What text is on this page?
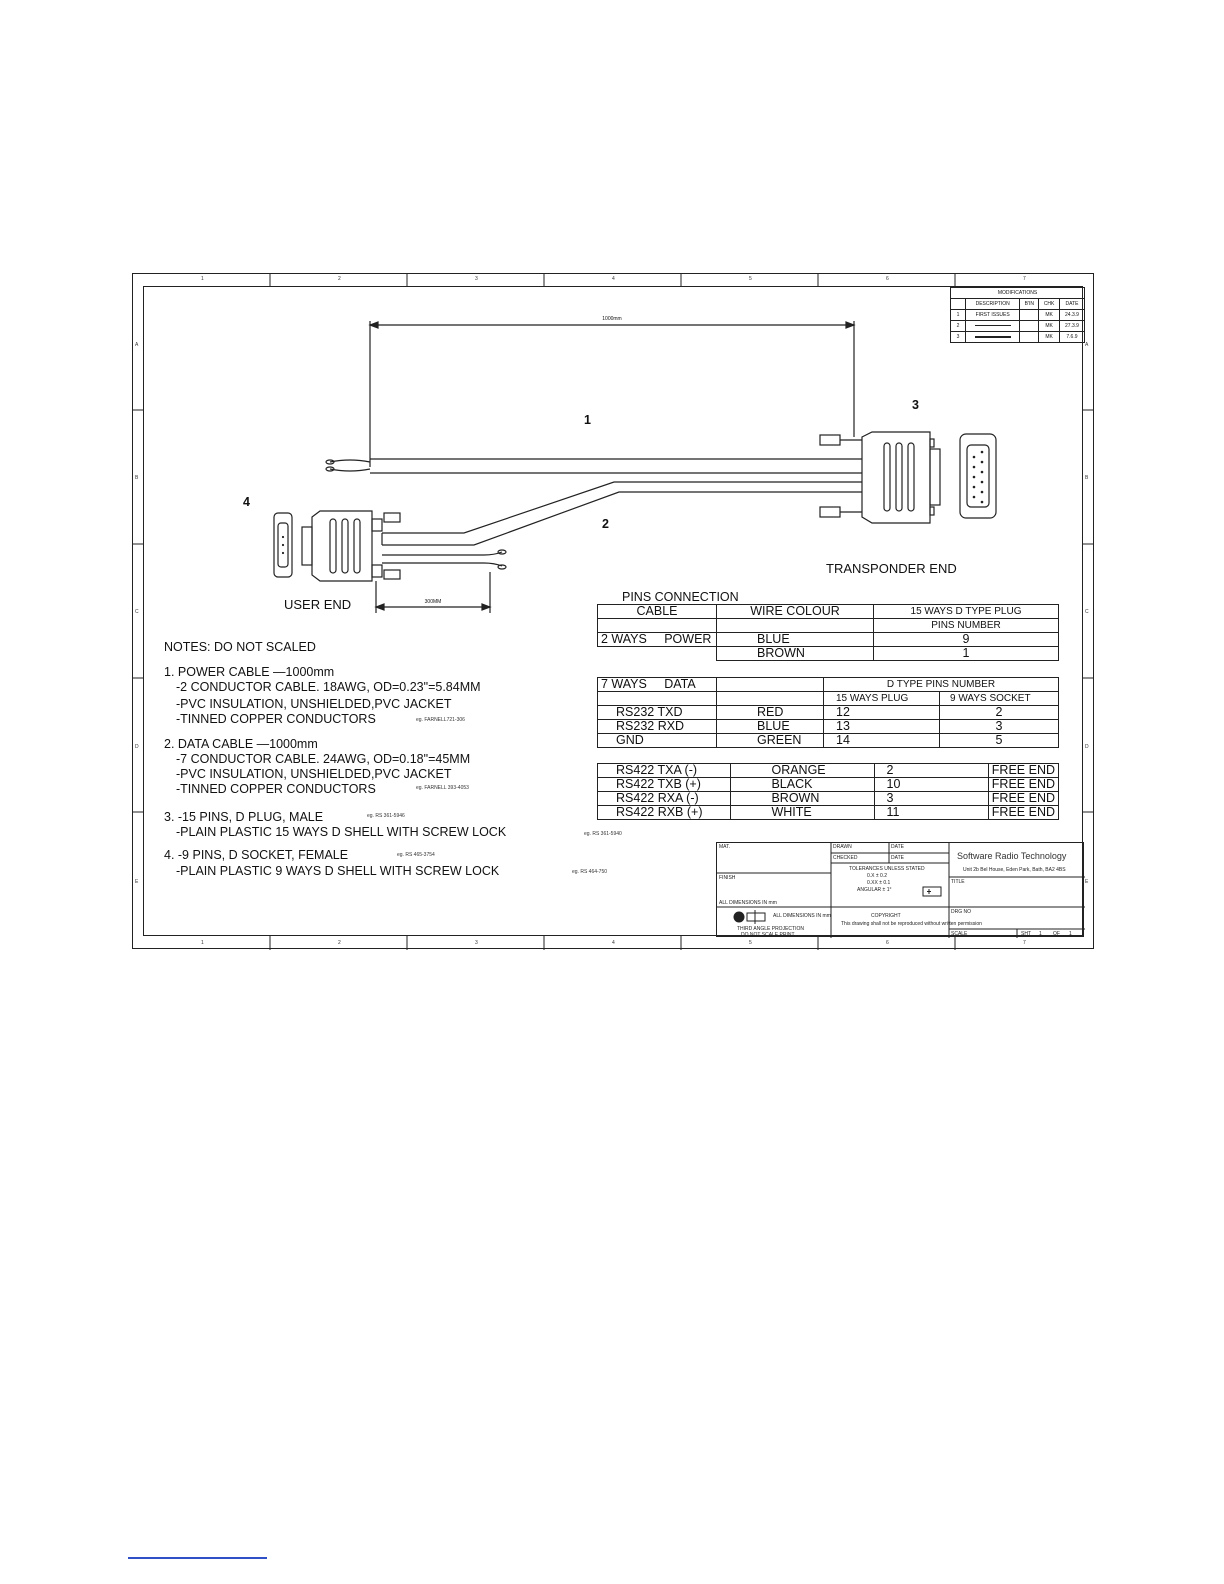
1	2	3	4	5	6	7
1	2	3	4	5	6	7
A
B
C
D
E
A
B
C
D
E
1000mm
300MM
1
2
3
4
TRANSPONDER END
USER END
MODIFICATIONS				
	DESCRIPTION	B'IN	CHK	DATE
1	FIRST ISSUES		MK	24.3.9
2			MK	27.3.9
3			MK	7.6.9
NOTES: DO NOT SCALED
1. POWER CABLE —1000mm
-2 CONDUCTOR CABLE. 18AWG, OD=0.23"=5.84MM
-PVC INSULATION, UNSHIELDED,PVC JACKET
-TINNED COPPER CONDUCTORS	eg. FARNELL721-306
2. DATA CABLE —1000mm
-7 CONDUCTOR CABLE. 24AWG, OD=0.18"=45MM
-PVC INSULATION, UNSHIELDED,PVC JACKET
-TINNED COPPER CONDUCTORS	eg. FARNELL 393-4053
3. -15 PINS, D PLUG, MALE	eg. RS 361-5946
-PLAIN PLASTIC 15 WAYS D SHELL WITH SCREW LOCK	eg. RS 361-5940
4. -9 PINS, D SOCKET, FEMALE	eg. RS 465-3754
-PLAIN PLASTIC 9 WAYS D SHELL WITH SCREW LOCK	eg. RS 464-750
PINS CONNECTION
CABLE	WIRE COLOUR	15 WAYS D TYPE PLUG
		PINS NUMBER
2 WAYS POWER	BLUE	9
	BROWN	1
7 WAYS DATA		D TYPE PINS NUMBER	
		15 WAYS PLUG	9 WAYS SOCKET
RS232 TXD	RED	12	2
RS232 RXD	BLUE	13	3
GND	GREEN	14	5
RS422 TXA (-)	ORANGE	2	FREE END
RS422 TXB (+)	BLACK	10	FREE END
RS422 RXA (-)	BROWN	3	FREE END
RS422 RXB (+)	WHITE	11	FREE END
MAT.
FINISH
ALL DIMENSIONS IN mm
DRAWN	DATE
CHECKED	DATE
TOLERANCES UNLESS STATED
0.X ± 0.2
0.XX ± 0.1
ANGULAR ± 1°
ALL DIMENSIONS IN mm
THIRD ANGLE PROJECTION
DO NOT SCALE PRINT
COPYRIGHT
This drawing shall not be reproduced without written permission
Software Radio Technology
Unit 2b Bel House, Eden Park, Bath, BA2 4BS
TITLE
DRG NO
SCALE	SHT 1 OF 1
